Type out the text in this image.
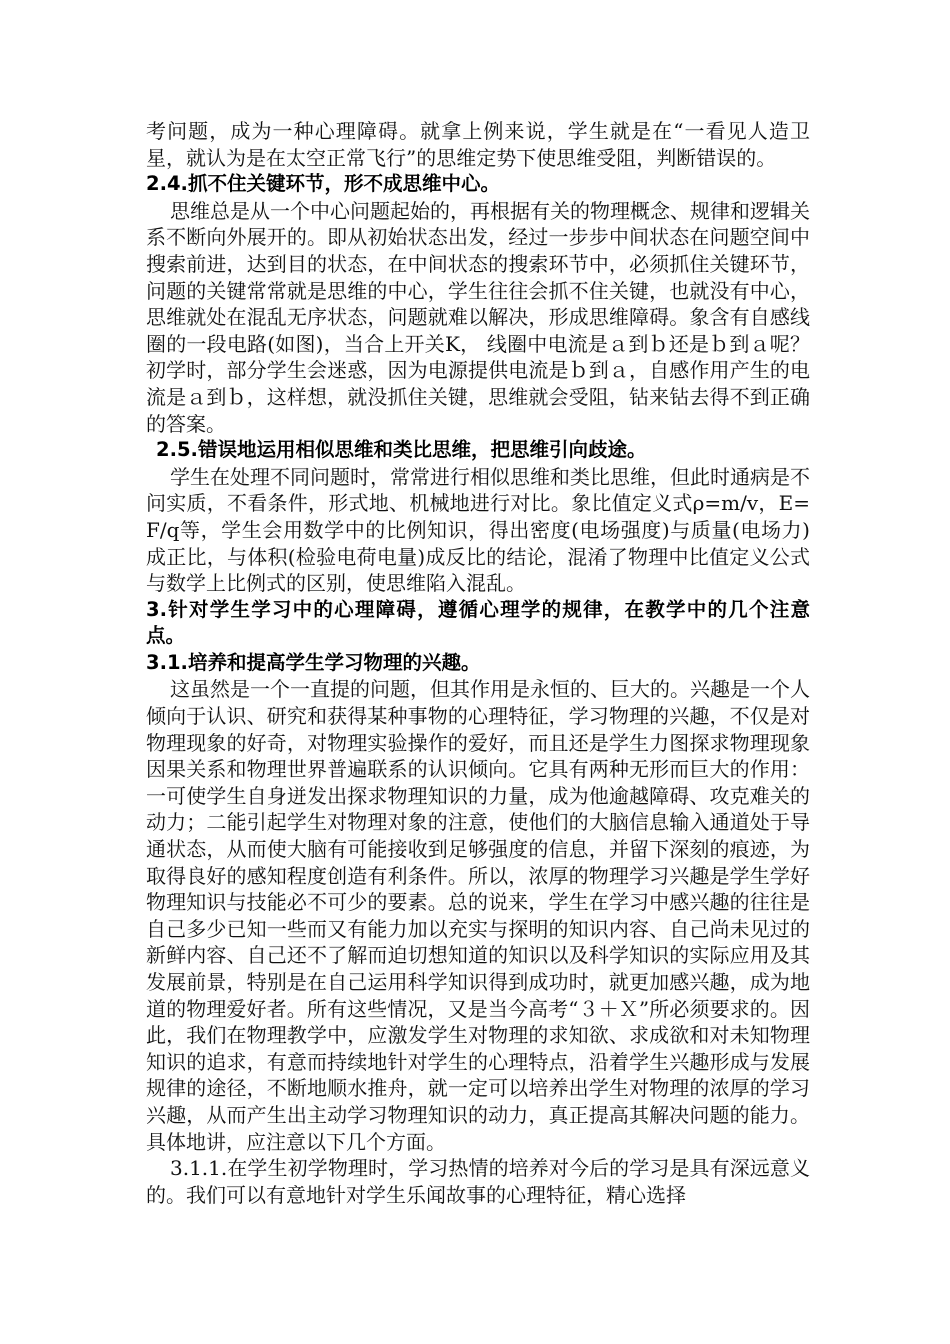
考问题，成为一种心理障碍。就拿上例来说，学生就是在“一看见人造卫星，就认为是在太空正常飞行”的思维定势下使思维受阻，判断错误的。

2.4.抓不住关键环节，形不成思维中心。

思维总是从一个中心问题起始的，再根据有关的物理概念、规律和逻辑关系不断向外展开的。即从初始状态出发，经过一步步中间状态在问题空间中搜索前进，达到目的状态，在中间状态的搜索环节中，必须抓住关键环节，问题的关键常常就是思维的中心，学生往往会抓不住关键，也就没有中心，思维就处在混乱无序状态，问题就难以解决，形成思维障碍。象含有自感线圈的一段电路(如图)，当合上开关K， 线圈中电流是ａ到ｂ还是ｂ到ａ呢？初学时，部分学生会迷惑，因为电源提供电流是ｂ到ａ，自感作用产生的电流是ａ到ｂ，这样想，就没抓住关键，思维就会受阻，钻来钻去得不到正确的答案。

2.5.错误地运用相似思维和类比思维，把思维引向歧途。

学生在处理不同问题时，常常进行相似思维和类比思维，但此时通病是不问实质，不看条件，形式地、机械地进行对比。象比值定义式ρ=m/v，E=F/q等，学生会用数学中的比例知识，得出密度(电场强度)与质量(电场力)成正比，与体积(检验电荷电量)成反比的结论，混淆了物理中比值定义公式与数学上比例式的区别，使思维陷入混乱。

3.针对学生学习中的心理障碍，遵循心理学的规律，在教学中的几个注意点。

3.1.培养和提高学生学习物理的兴趣。

这虽然是一个一直提的问题，但其作用是永恒的、巨大的。兴趣是一个人倾向于认识、研究和获得某种事物的心理特征，学习物理的兴趣，不仅是对物理现象的好奇，对物理实验操作的爱好，而且还是学生力图探求物理现象因果关系和物理世界普遍联系的认识倾向。它具有两种无形而巨大的作用：一可使学生自身迸发出探求物理知识的力量，成为他逾越障碍、攻克难关的动力；二能引起学生对物理对象的注意，使他们的大脑信息输入通道处于导通状态，从而使大脑有可能接收到足够强度的信息，并留下深刻的痕迹，为取得良好的感知程度创造有利条件。所以，浓厚的物理学习兴趣是学生学好物理知识与技能必不可少的要素。总的说来，学生在学习中感兴趣的往往是自己多少已知一些而又有能力加以充实与探明的知识内容、自己尚未见过的新鲜内容、自己还不了解而迫切想知道的知识以及科学知识的实际应用及其发展前景，特别是在自己运用科学知识得到成功时，就更加感兴趣，成为地道的物理爱好者。所有这些情况，又是当今高考“３＋Ｘ”所必须要求的。因此，我们在物理教学中，应激发学生对物理的求知欲、求成欲和对未知物理知识的追求，有意而持续地针对学生的心理特点，沿着学生兴趣形成与发展规律的途径，不断地顺水推舟，就一定可以培养出学生对物理的浓厚的学习兴趣，从而产生出主动学习物理知识的动力，真正提高其解决问题的能力。具体地讲，应注意以下几个方面。

3.1.1.在学生初学物理时，学习热情的培养对今后的学习是具有深远意义的。我们可以有意地针对学生乐闻故事的心理特征，精心选择
